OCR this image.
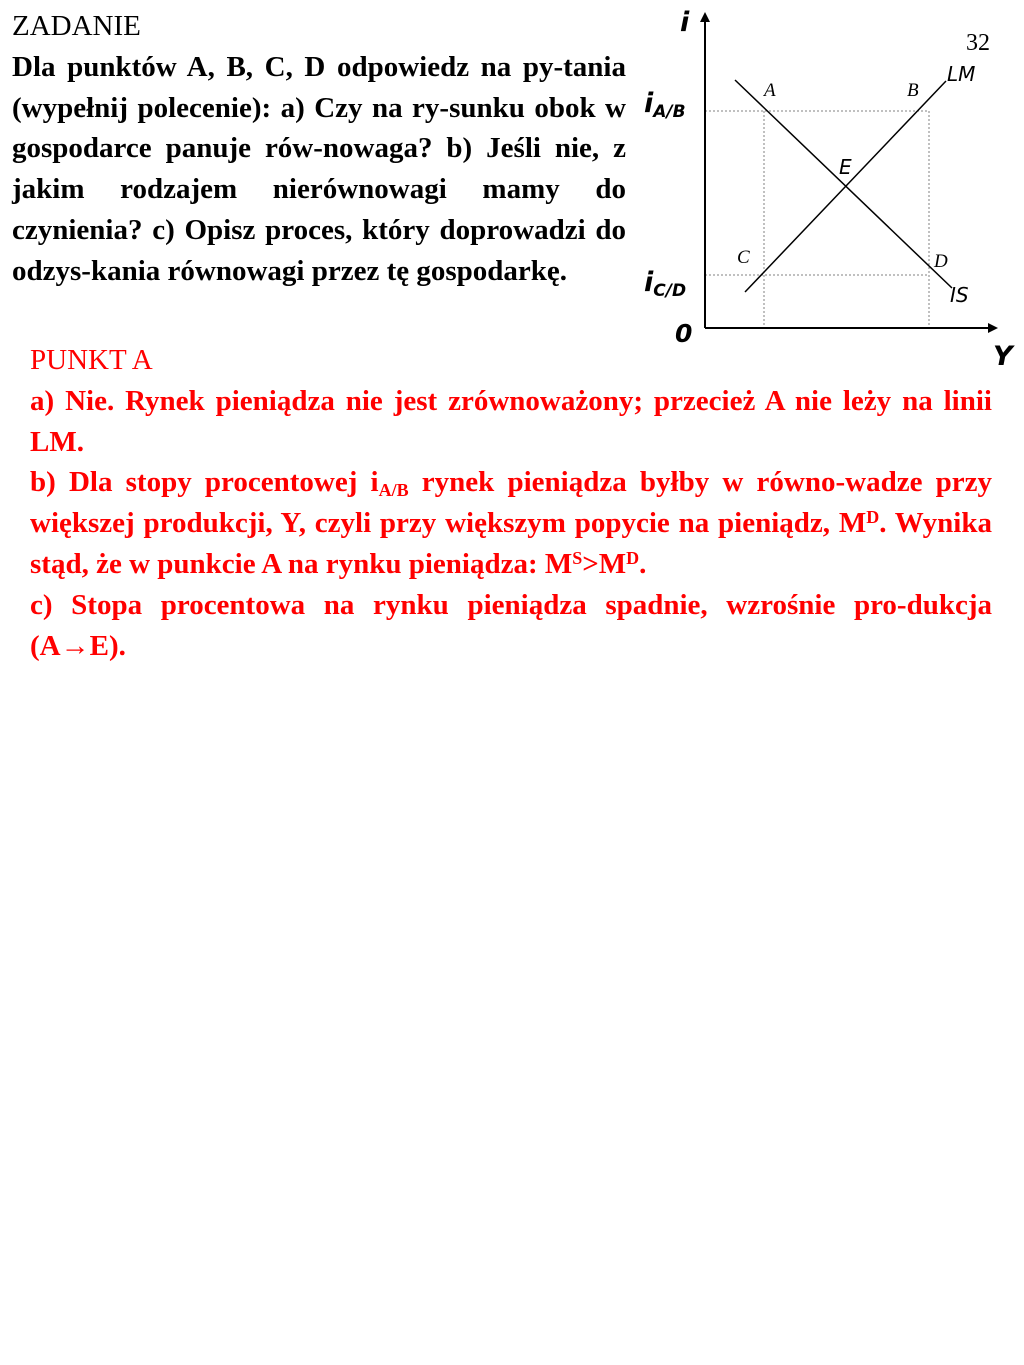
ZADANIE
Dla punktów A, B, C, D odpowiedz na py-tania (wypełnij polecenie): a) Czy na ry-sunku obok w gospodarce panuje rów-nowaga? b) Jeśli nie, z jakim rodzajem nierównowagi mamy do czynienia? c) Opisz proces, który doprowadzi do odzys-kania równowagi przez tę gospodarkę.
32
i
Y
0
iA/B
iC/D
LM
IS
A	B
C	D
E
PUNKT A

a) Nie. Rynek pieniądza nie jest zrównoważony; przecież A nie leży na linii LM.

b) Dla stopy procentowej $i_{A/B}$ rynek pieniądza byłby w równo-wadze przy większej produkcji, Y, czyli przy większym popycie na pieniądz, $M^D$. Wynika stąd, że w punkcie A na rynku pieniądza: $M^S>M^D$.

c) Stopa procentowa na rynku pieniądza spadnie, wzrośnie pro-dukcja (A→E).
